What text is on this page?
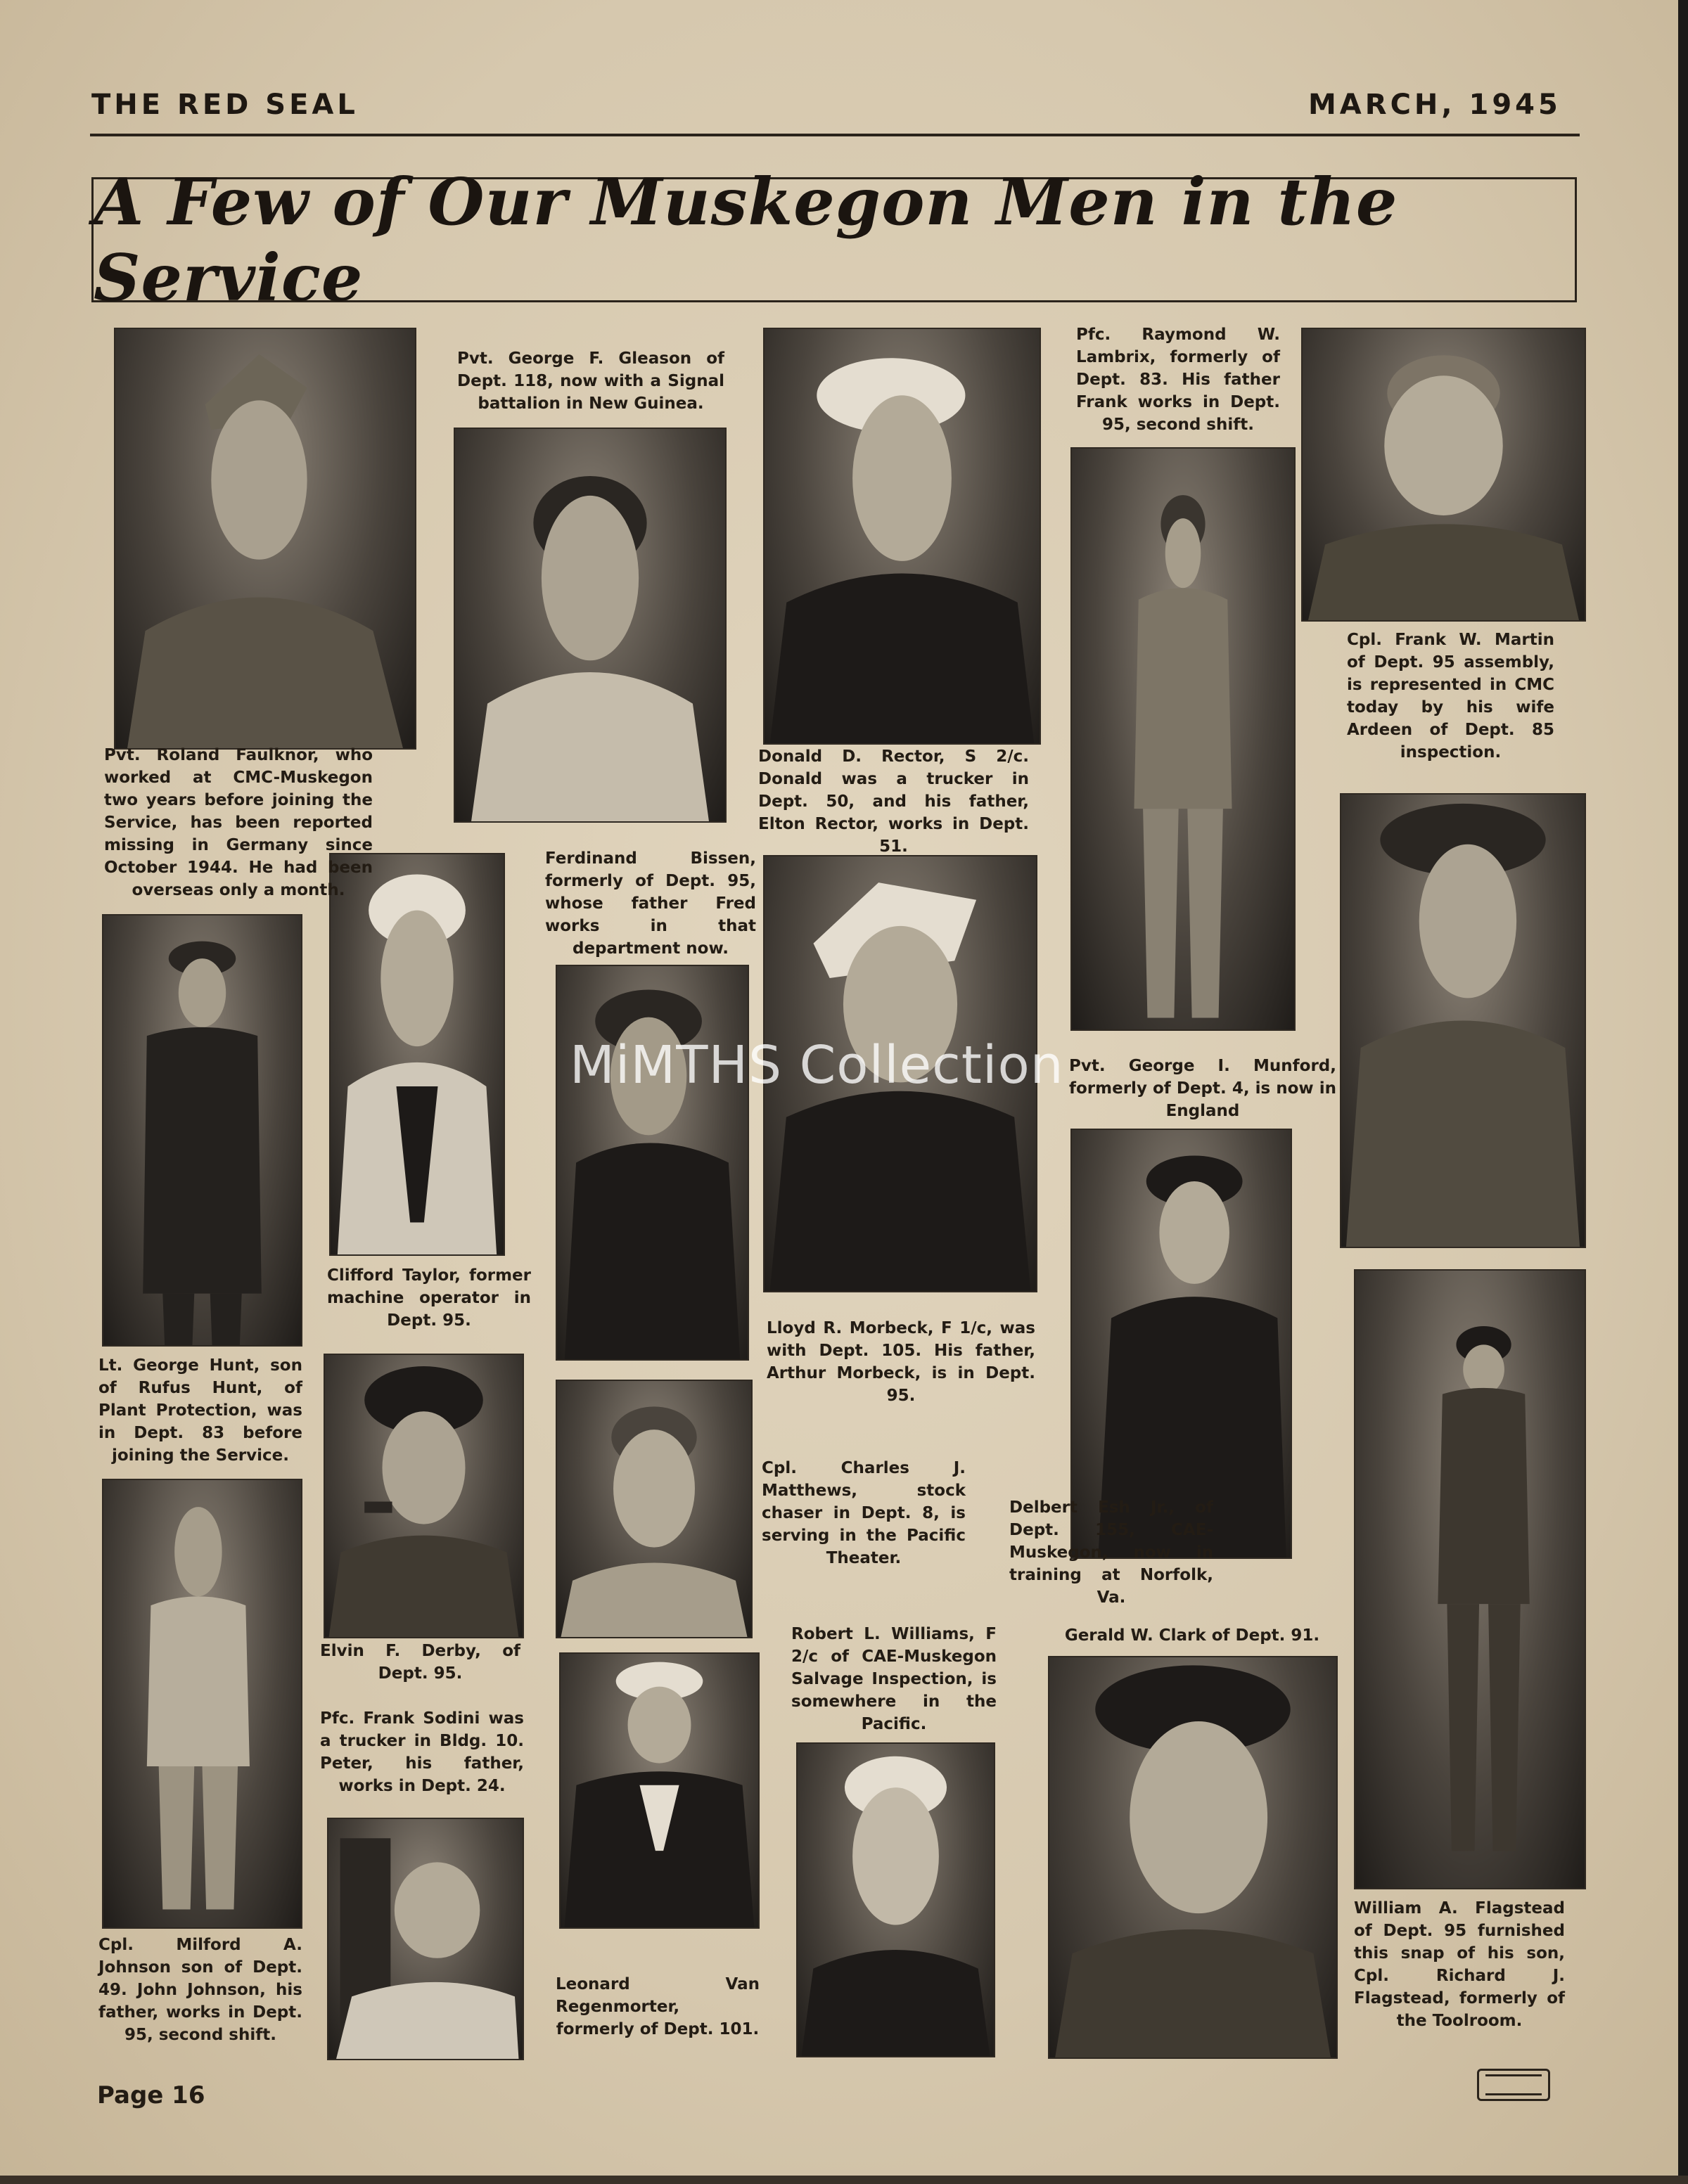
THE RED SEAL	MARCH, 1945
A Few of Our Muskegon Men in the Service
Pvt. Roland Faulknor, who worked at CMC-Muskegon two years before joining the Service, has been reported missing in Germany since October 1944. He had been overseas only a month.
Pvt. George F. Gleason of Dept. 118, now with a Signal battalion in New Guinea.
Donald D. Rector, S 2/c. Donald was a trucker in Dept. 50, and his father, Elton Rector, works in Dept. 51.
Pfc. Raymond W. Lambrix, formerly of Dept. 83. His father Frank works in Dept. 95, second shift.
Cpl. Frank W. Martin of Dept. 95 assembly, is represented in CMC today by his wife Ardeen of Dept. 85 inspection.
Ferdinand Bissen, formerly of Dept. 95, whose father Fred works in that department now.
Clifford Taylor, former machine operator in Dept. 95.
Lt. George Hunt, son of Rufus Hunt, of Plant Protection, was in Dept. 83 before joining the Service.
Lloyd R. Morbeck, F 1/c, was with Dept. 105. His father, Arthur Morbeck, is in Dept. 95.
Pvt. George I. Munford, formerly of Dept. 4, is now in England
Cpl. Charles J. Matthews, stock chaser in Dept. 8, is serving in the Pacific Theater.
Delbert Esh Jr., of Dept. 155, CAE-Muskegon, now in training at Norfolk, Va.
Elvin F. Derby, of Dept. 95.
Pfc. Frank Sodini was a trucker in Bldg. 10. Peter, his father, works in Dept. 24.
Robert L. Williams, F 2/c of CAE-Muskegon Salvage Inspection, is somewhere in the Pacific.
Gerald W. Clark of Dept. 91.
Cpl. Milford A. Johnson son of Dept. 49. John Johnson, his father, works in Dept. 95, second shift.
Leonard Van Regenmorter, formerly of Dept. 101.
William A. Flagstead of Dept. 95 furnished this snap of his son, Cpl. Richard J. Flagstead, formerly of the Toolroom.
Page 16
MiMTHS Collection
